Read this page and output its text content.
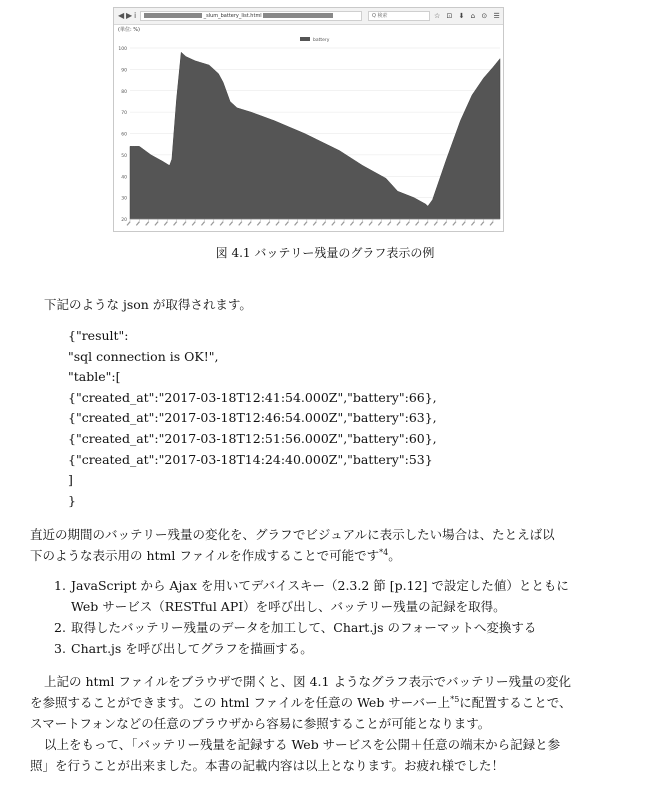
◀ ▶ i	_slum_battery_list.html	Q 検索	☆ ⊡ ⬇ ⌂ ⊙ ☰
(単位: %)
20
30
40
50
60
70
80
90
100
battery
図 4.1 バッテリー残量のグラフ表示の例
下記のような json が取得されます。
{"result":
"sql connection is OK!",
"table":[
{"created_at":"2017-03-18T12:41:54.000Z","battery":66},
{"created_at":"2017-03-18T12:46:54.000Z","battery":63},
{"created_at":"2017-03-18T12:51:56.000Z","battery":60},
{"created_at":"2017-03-18T14:24:40.000Z","battery":53}
]
}
直近の期間のバッテリー残量の変化を、グラフでビジュアルに表示したい場合は、たとえば以
下のような表示用の html ファイルを作成することで可能です$^{*4}$。
1. JavaScript から Ajax を用いてデバイスキー（2.3.2 節 [p.12] で設定した値）とともに
Web サービス（RESTful API）を呼び出し、バッテリー残量の記録を取得。
2. 取得したバッテリー残量のデータを加工して、Chart.js のフォーマットへ変換する
3. Chart.js を呼び出してグラフを描画する。
上記の html ファイルをブラウザで開くと、図 4.1 ようなグラフ表示でバッテリー残量の変化
を参照することができます。この html ファイルを任意の Web サーバー上$^{*5}$に配置することで、
スマートフォンなどの任意のブラウザから容易に参照することが可能となります。
以上をもって、「バッテリー残量を記録する Web サービスを公開＋任意の端末から記録と参
照」を行うことが出来ました。本書の記載内容は以上となります。お疲れ様でした！
